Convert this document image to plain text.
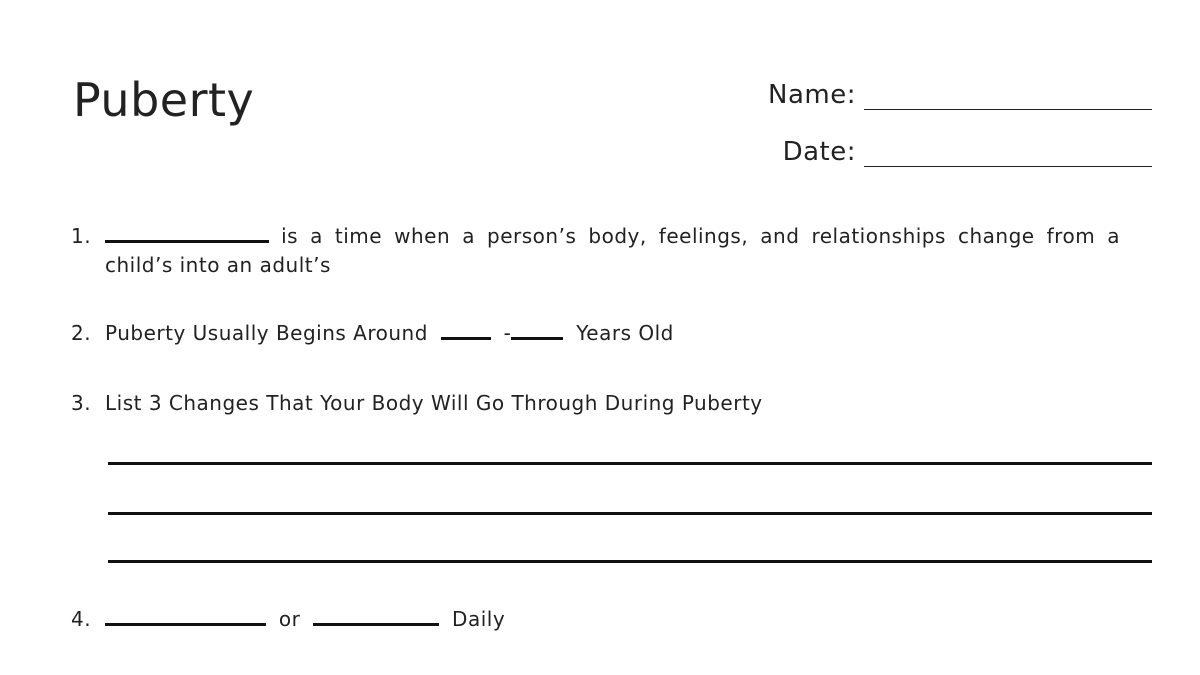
Puberty	Name:
Date:
1.	is a time when a person’s body, feelings, and relationships change from a child’s into an adult’s
2. Puberty Usually Begins Around	-	Years Old
3. List 3 Changes That Your Body Will Go Through During Puberty
4.	or	Daily
